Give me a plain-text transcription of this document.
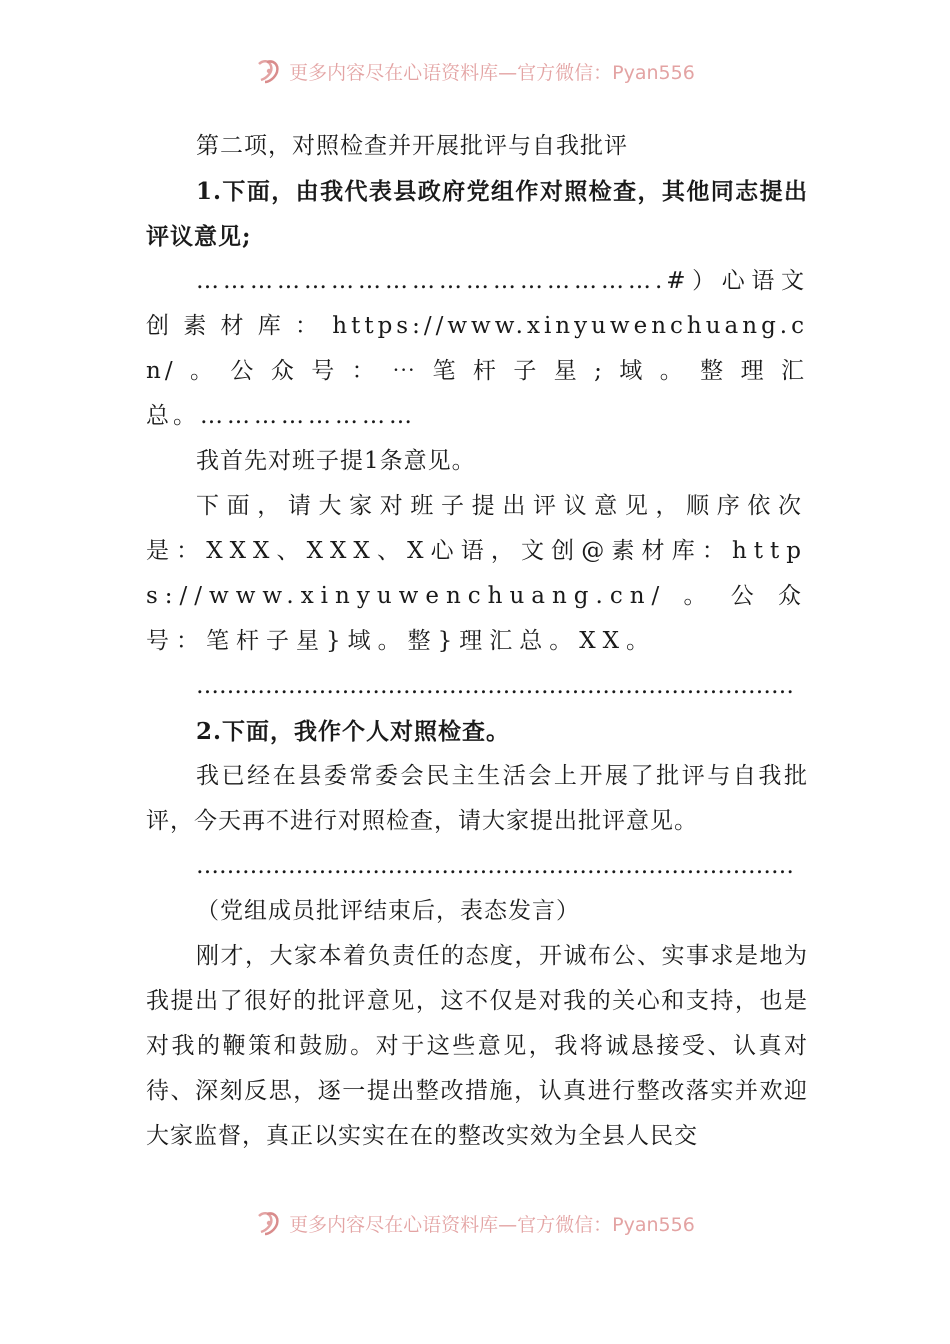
更多内容尽在心语资料库—官方微信：Pyan556

第二项，对照检查并开展批评与自我批评

1.下面，由我代表县政府党组作对照检查，其他同志提出评议意见;

…………………………………………….#）心语文创素材库：https://www.xinyuwenchuang.cn/。公众号：⋯笔杆子星;域。整理汇总。……………………

我首先对班子提1条意见。

下面，请大家对班子提出评议意见，顺序依次是：XXX、XXX、X心语，文创@素材库：https://www.xinyuwenchuang.cn/。公众号：笔杆子星}域。整}理汇总。XX。

……………………………………………………………………

2.下面，我作个人对照检查。

我已经在县委常委会民主生活会上开展了批评与自我批评，今天再不进行对照检查，请大家提出批评意见。

……………………………………………………………………

（党组成员批评结束后，表态发言）

刚才，大家本着负责任的态度，开诚布公、实事求是地为我提出了很好的批评意见，这不仅是对我的关心和支持，也是对我的鞭策和鼓励。对于这些意见，我将诚恳接受、认真对待、深刻反思，逐一提出整改措施，认真进行整改落实并欢迎大家监督，真正以实实在在的整改实效为全县人民交

更多内容尽在心语资料库—官方微信：Pyan556
